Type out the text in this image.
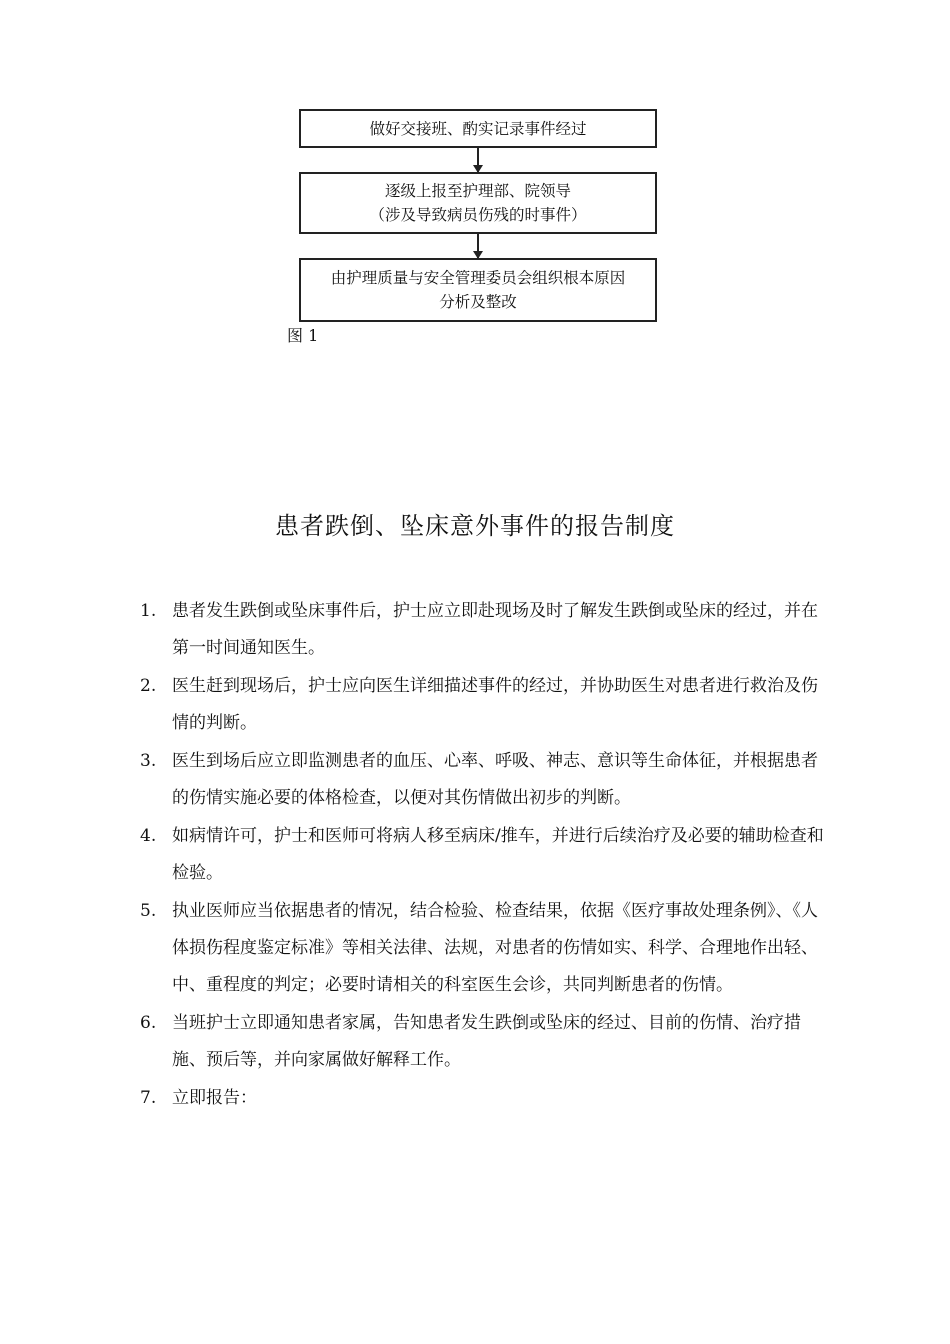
做好交接班、酌实记录事件经过
逐级上报至护理部、院领导
（涉及导致病员伤残的时事件）
由护理质量与安全管理委员会组织根本原因
分析及整改
图 1
患者跌倒、坠床意外事件的报告制度
1. 患者发生跌倒或坠床事件后，护士应立即赴现场及时了解发生跌倒或坠床的经过，并在第一时间通知医生。
2. 医生赶到现场后，护士应向医生详细描述事件的经过，并协助医生对患者进行救治及伤情的判断。
3. 医生到场后应立即监测患者的血压、心率、呼吸、神志、意识等生命体征，并根据患者的伤情实施必要的体格检查，以便对其伤情做出初步的判断。
4. 如病情许可，护士和医师可将病人移至病床/推车，并进行后续治疗及必要的辅助检查和检验。
5. 执业医师应当依据患者的情况，结合检验、检查结果，依据《医疗事故处理条例》、《人体损伤程度鉴定标准》等相关法律、法规，对患者的伤情如实、科学、合理地作出轻、中、重程度的判定；必要时请相关的科室医生会诊，共同判断患者的伤情。
6. 当班护士立即通知患者家属，告知患者发生跌倒或坠床的经过、目前的伤情、治疗措施、预后等，并向家属做好解释工作。
7. 立即报告：
